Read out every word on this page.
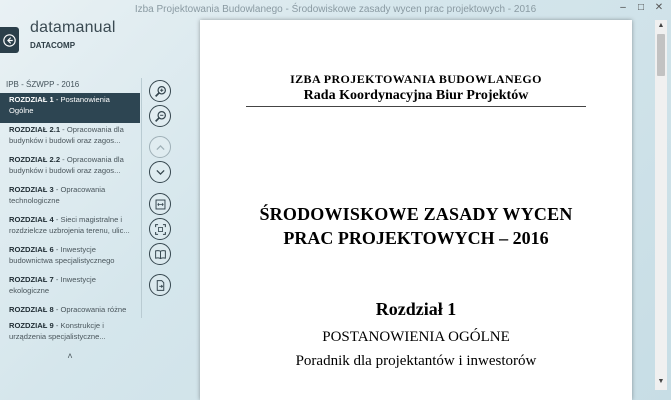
Izba Projektowania Budowlanego - Środowiskowe zasady wycen prac projektowych - 2016	–	□	✕
datamanual
DATACOMP
IPB - ŚZWPP - 2016
ROZDZIAŁ 1 - Postanowienia Ogólne
ROZDZIAŁ 2.1 - Opracowania dla budynków i budowli oraz zagos...
ROZDZIAŁ 2.2 - Opracowania dla budynków i budowli oraz zagos...
ROZDZIAŁ 3 - Opracowania technologiczne
ROZDZIAŁ 4 - Sieci magistralne i rozdzielcze uzbrojenia terenu, ulic...
ROZDZIAŁ 6 - Inwestycje budownictwa specjalistycznego
ROZDZIAŁ 7 - Inwestycje ekologiczne
ROZDZIAŁ 8 - Opracowania różne
ROZDZIAŁ 9 - Konstrukcje i urządzenia specjalistyczne...
˄
IZBA PROJEKTOWANIA BUDOWLANEGO
Rada Koordynacyjna Biur Projektów
ŚRODOWISKOWE ZASADY WYCEN
PRAC PROJEKTOWYCH – 2016
Rozdział 1
POSTANOWIENIA OGÓLNE
Poradnik dla projektantów i inwestorów
▲
▼
